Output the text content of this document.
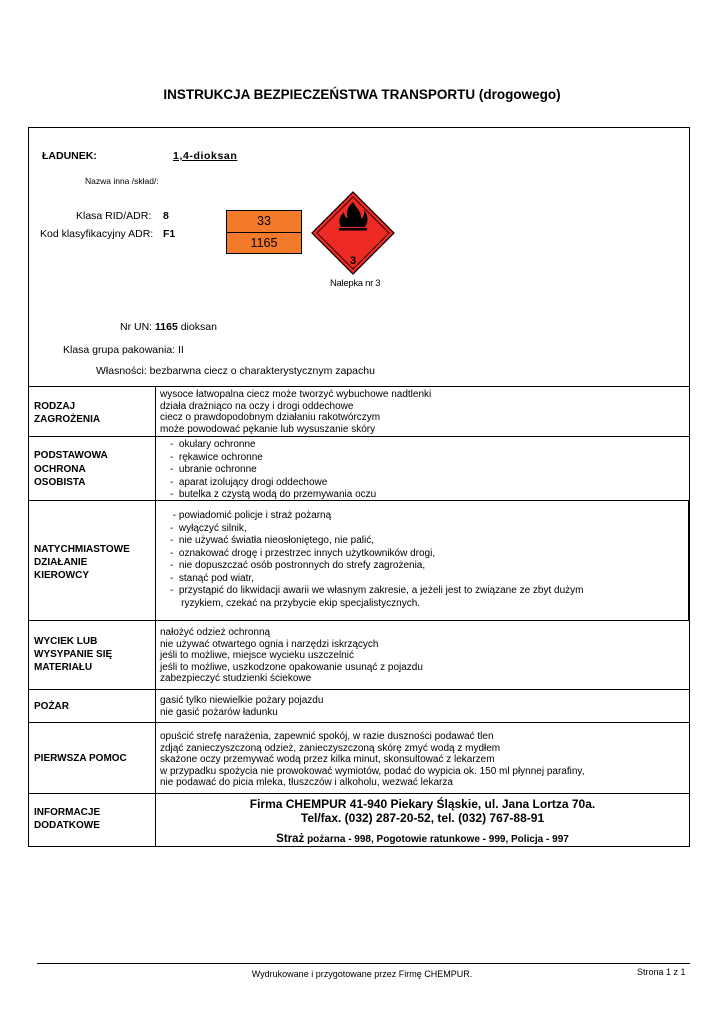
INSTRUKCJA BEZPIECZEŃSTWA TRANSPORTU (drogowego)
ŁADUNEK:	1,4-dioksan
Nazwa inna /skład/:
Klasa RID/ADR: 8
Kod klasyfikacyjny ADR: F1
33
1165
3
Nalepka nr 3
Nr UN: 1165 dioksan
Klasa grupa pakowania: II
Własności: bezbarwna ciecz o charakterystycznym zapachu
RODZAJ
ZAGROŻENIA
wysoce łatwopalna ciecz może tworzyć wybuchowe nadtlenki
działa drażniąco na oczy i drogi oddechowe
ciecz o prawdopodobnym działaniu rakotwórczym
może powodować pękanie lub wysuszanie skóry
PODSTAWOWA
OCHRONA
OSOBISTA
-  okulary ochronne
-  rękawice ochronne
-  ubranie ochronne
-  aparat izolujący drogi oddechowe
-  butelka z czystą wodą do przemywania oczu
NATYCHMIASTOWE
DZIAŁANIE
KIEROWCY
- powiadomić policje i straż pożarną
-  wyłączyć silnik,
-  nie używać światła nieosłoniętego, nie palić,
-  oznakować drogę i przestrzec innych użytkowników drogi,
-  nie dopuszczać osób postronnych do strefy zagrożenia,
-  stanąć pod wiatr,
-  przystąpić do likwidacji awarii we własnym zakresie, a jeżeli jest to związane ze zbyt dużym
ryzykiem, czekać na przybycie ekip specjalistycznych.
WYCIEK LUB
WYSYPANIE SIĘ
MATERIAŁU
nałożyć odzież ochronną
nie używać otwartego ognia i narzędzi iskrzących
jeśli to możliwe, miejsce wycieku uszczelnić
jeśli to możliwe, uszkodzone opakowanie usunąć z pojazdu
zabezpieczyć studzienki ściekowe
POŻAR
gasić tylko niewielkie pożary pojazdu
nie gasić pożarów ładunku
PIERWSZA POMOC
opuścić strefę narażenia, zapewnić spokój, w razie duszności podawać tlen
zdjąć zanieczyszczoną odzież, zanieczyszczoną skórę zmyć wodą z mydłem
skażone oczy przemywać wodą przez kilka minut, skonsultować z lekarzem
w przypadku spożycia nie prowokować wymiotów, podać do wypicia ok. 150 ml płynnej parafiny,
nie podawać do picia mleka, tłuszczów i alkoholu, wezwać lekarza
INFORMACJE
DODATKOWE
Firma CHEMPUR 41-940 Piekary Śląskie, ul. Jana Lortza 70a.
Tel/fax. (032) 287-20-52, tel. (032) 767-88-91
Straż pożarna - 998, Pogotowie ratunkowe - 999, Policja - 997
Wydrukowane i przygotowane przez Firmę CHEMPUR.	Strona 1 z 1
